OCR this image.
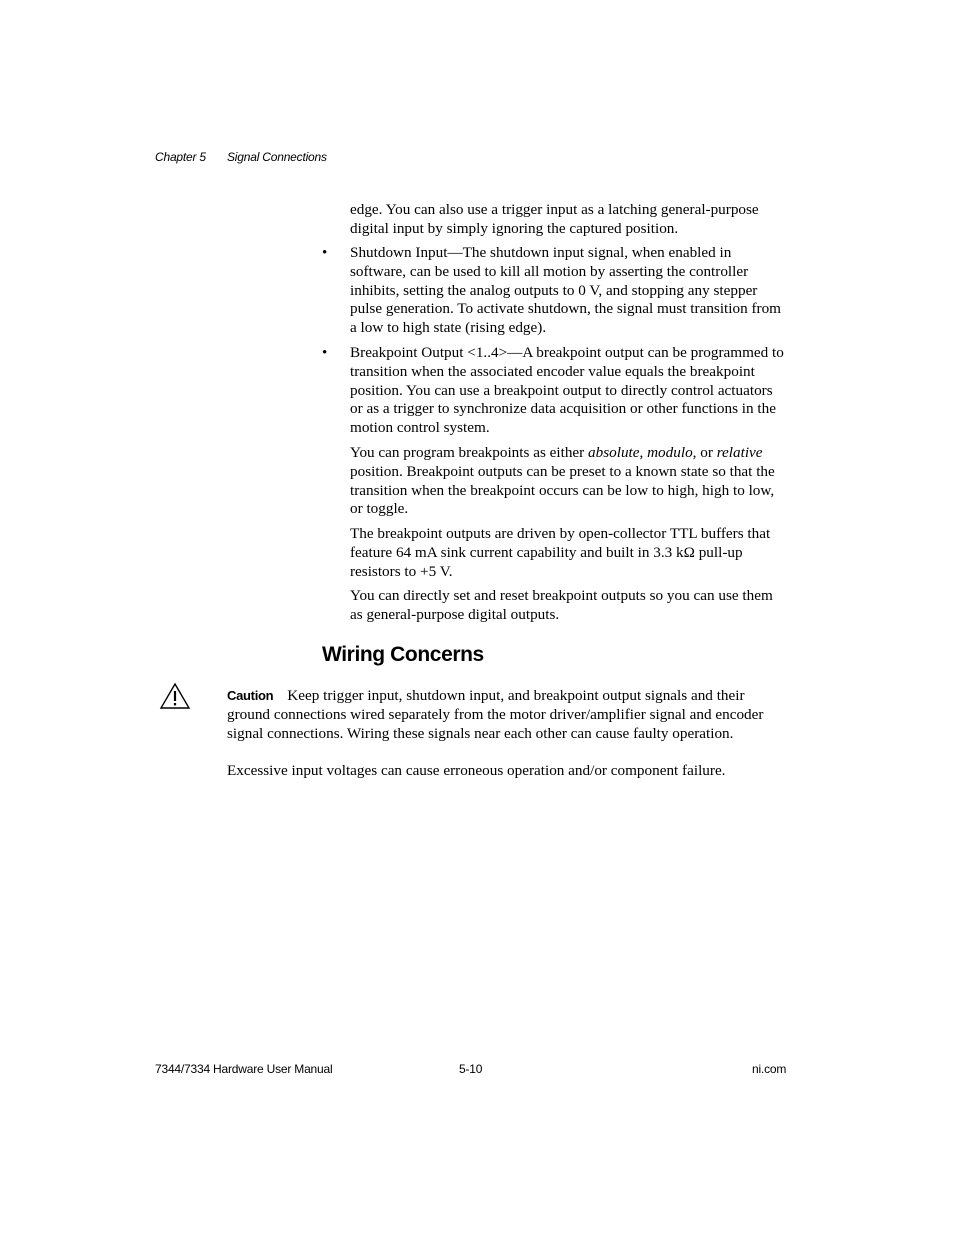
Chapter 5 Signal Connections

edge. You can also use a trigger input as a latching general-purpose digital input by simply ignoring the captured position.

• Shutdown Input—The shutdown input signal, when enabled in software, can be used to kill all motion by asserting the controller inhibits, setting the analog outputs to 0 V, and stopping any stepper pulse generation. To activate shutdown, the signal must transition from a low to high state (rising edge).

• Breakpoint Output <1..4>—A breakpoint output can be programmed to transition when the associated encoder value equals the breakpoint position. You can use a breakpoint output to directly control actuators or as a trigger to synchronize data acquisition or other functions in the motion control system.

You can program breakpoints as either absolute, modulo, or relative position. Breakpoint outputs can be preset to a known state so that the transition when the breakpoint occurs can be low to high, high to low, or toggle.

The breakpoint outputs are driven by open-collector TTL buffers that feature 64 mA sink current capability and built in 3.3 kΩ pull-up resistors to +5 V.

You can directly set and reset breakpoint outputs so you can use them as general-purpose digital outputs.

Wiring Concerns

Caution Keep trigger input, shutdown input, and breakpoint output signals and their ground connections wired separately from the motor driver/amplifier signal and encoder signal connections. Wiring these signals near each other can cause faulty operation.

Excessive input voltages can cause erroneous operation and/or component failure.

7344/7334 Hardware User Manual	5-10	ni.com
